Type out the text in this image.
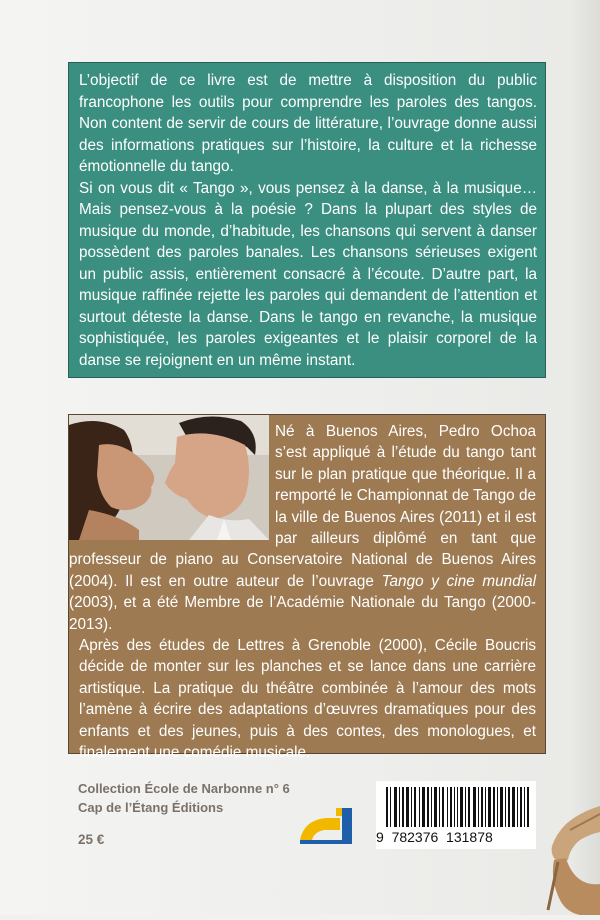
L’objectif de ce livre est de mettre à disposition du public francophone les outils pour comprendre les paroles des tangos. Non content de servir de cours de littérature, l’ouvrage donne aussi des informations pratiques sur l’histoire, la culture et la richesse émotionnelle du tango.

Si on vous dit « Tango », vous pensez à la danse, à la musique… Mais pensez-vous à la poésie ? Dans la plupart des styles de musique du monde, d’habitude, les chansons qui servent à danser possèdent des paroles banales. Les chansons sérieuses exigent un public assis, entièrement consacré à l’écoute. D’autre part, la musique raffinée rejette les paroles qui demandent de l’attention et surtout déteste la danse. Dans le tango en revanche, la musique sophistiquée, les paroles exigeantes et le plaisir corporel de la danse se rejoignent en un même instant.

Né à Buenos Aires, Pedro Ochoa s’est appliqué à l’étude du tango tant sur le plan pratique que théorique. Il a remporté le Championnat de Tango de la ville de Buenos Aires (2011) et il est par ailleurs diplômé en tant que professeur de piano au Conservatoire National de Buenos Aires (2004). Il est en outre auteur de l’ouvrage Tango y cine mundial (2003), et a été Membre de l’Académie Nationale du Tango (2000-2013).

Après des études de Lettres à Grenoble (2000), Cécile Boucris décide de monter sur les planches et se lance dans une carrière artistique. La pratique du théâtre combinée à l’amour des mots l’amène à écrire des adaptations d’œuvres dramatiques pour des enfants et des jeunes, puis à des contes, des monologues, et finalement une comédie musicale.

Collection École de Narbonne n° 6
Cap de l’Étang Éditions
25 €	9  782376  131878
